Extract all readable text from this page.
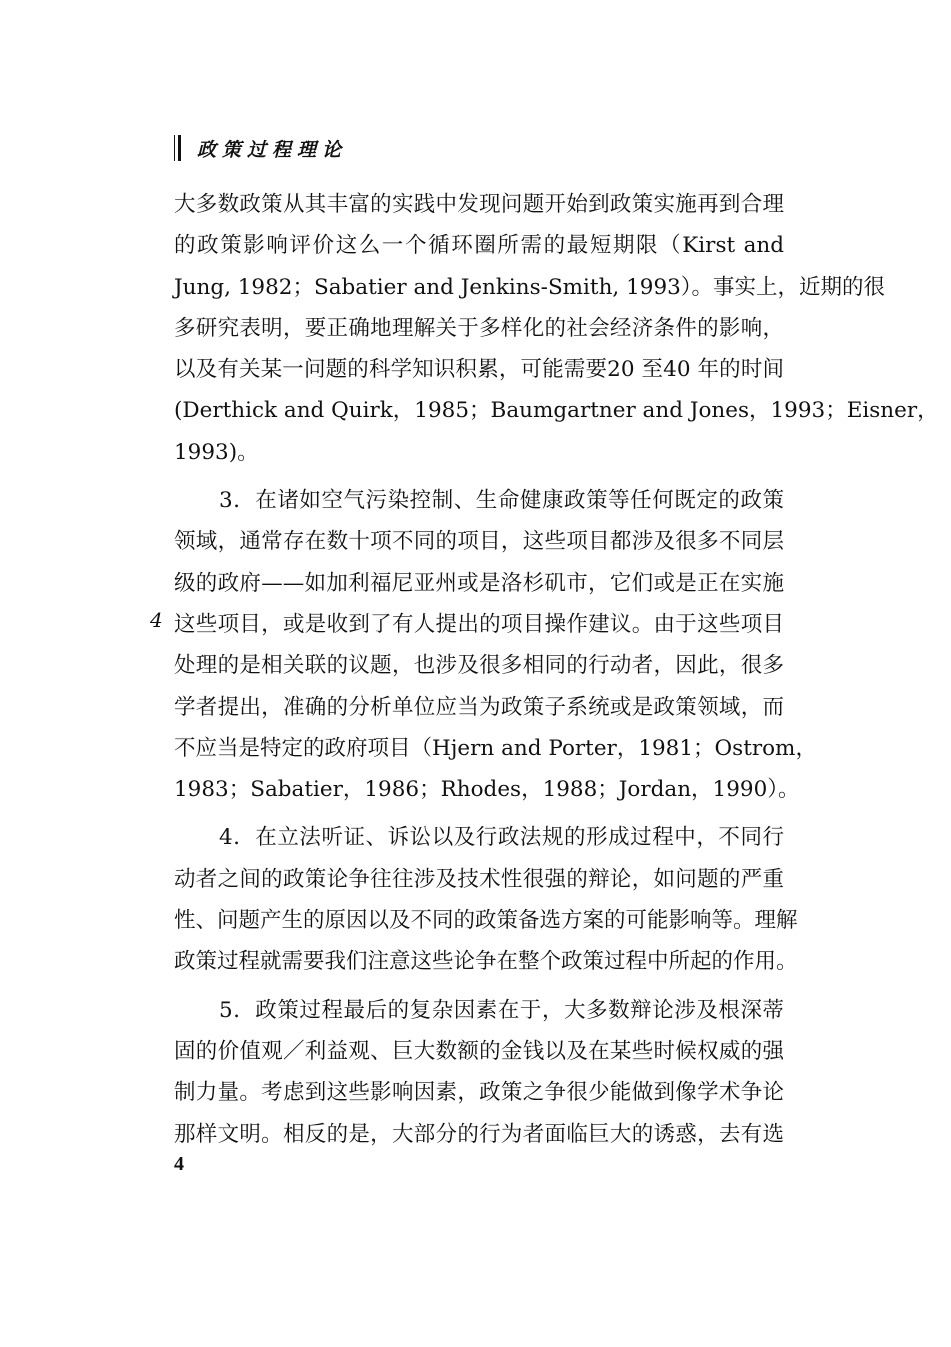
政策过程理论
4
大多数政策从其丰富的实践中发现问题开始到政策实施再到合理
的政策影响评价这么一个循环圈所需的最短期限（Kirst and
Jung, 1982；Sabatier and Jenkins-Smith, 1993）。事实上，近期的很
多研究表明，要正确地理解关于多样化的社会经济条件的影响，
以及有关某一问题的科学知识积累，可能需要20 至40 年的时间
(Derthick and Quirk，1985；Baumgartner and Jones，1993；Eisner，
1993)。
3．在诸如空气污染控制、生命健康政策等任何既定的政策
领域，通常存在数十项不同的项目，这些项目都涉及很多不同层
级的政府——如加利福尼亚州或是洛杉矶市，它们或是正在实施
这些项目，或是收到了有人提出的项目操作建议。由于这些项目
处理的是相关联的议题，也涉及很多相同的行动者，因此，很多
学者提出，准确的分析单位应当为政策子系统或是政策领域，而
不应当是特定的政府项目（Hjern and Porter，1981；Ostrom，
1983；Sabatier，1986；Rhodes，1988；Jordan，1990）。
4．在立法听证、诉讼以及行政法规的形成过程中，不同行
动者之间的政策论争往往涉及技术性很强的辩论，如问题的严重
性、问题产生的原因以及不同的政策备选方案的可能影响等。理解
政策过程就需要我们注意这些论争在整个政策过程中所起的作用。
5．政策过程最后的复杂因素在于，大多数辩论涉及根深蒂
固的价值观／利益观、巨大数额的金钱以及在某些时候权威的强
制力量。考虑到这些影响因素，政策之争很少能做到像学术争论
那样文明。相反的是，大部分的行为者面临巨大的诱惑，去有选
4
